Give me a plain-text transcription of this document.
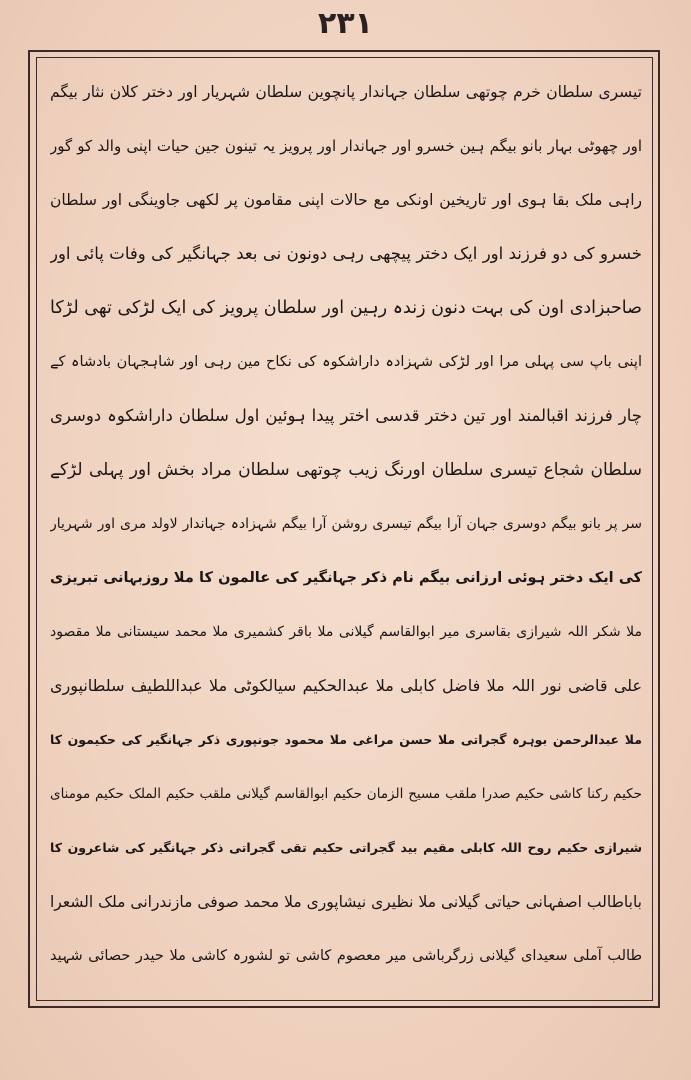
۲۳۱
تیسری سلطان خرم چوتھی سلطان جہاندار پانچوین سلطان شہریار اور دختر کلان نثار بیگم
اور چھوٹی بہار بانو بیگم ہین خسرو اور جہاندار اور پرویز یہ تینون جین حیات اپنی والد کو گور
راہی ملک بقا ہوی اور تاریخین اونکی مع حالات اپنی مقامون پر لکھی جاوینگی اور سلطان
خسرو کی دو فرزند اور ایک دختر پیچھی رہی دونون نی بعد جہانگیر کی وفات پائی اور
صاحبزادی اون کی بہت دنون زندہ رہین اور سلطان پرویز کی ایک لڑکی تھی لڑکا
اپنی باپ سی پہلی مرا اور لڑکی شہزادہ داراشکوہ کی نکاح مین رہی اور شاہجہان بادشاہ کے
چار فرزند اقبالمند اور تین دختر قدسی اختر پیدا ہوئین اول سلطان داراشکوہ دوسری
سلطان شجاع تیسری سلطان اورنگ زیب چوتھی سلطان مراد بخش اور پہلی لڑکے
سر پر بانو بیگم دوسری جہان آرا بیگم تیسری روشن آرا بیگم شہزادہ جہاندار لاولد مری اور شہریار
کی ایک دختر ہوئی ارزانی بیگم نام ذکر جہانگیر کی عالمون کا ملا روزبہانی تبریزی
ملا شکر اللہ شیرازی بقاسری میر ابوالقاسم گیلانی ملا باقر کشمیری ملا محمد سیستانی ملا مقصود
علی قاضی نور اللہ ملا فاضل کابلی ملا عبدالحکیم سیالکوٹی ملا عبداللطیف سلطانپوری
ملا عبدالرحمن بوہرہ گجراتی ملا حسن مراغی ملا محمود جونپوری ذکر جہانگیر کی حکیمون کا
حکیم رکنا کاشی حکیم صدرا ملقب مسیح الزمان حکیم ابوالقاسم گیلانی ملقب حکیم الملک حکیم مومنای
شیرازی حکیم روح اللہ کابلی مقیم بید گجراتی حکیم تقی گجراتی ذکر جہانگیر کی شاعرون کا
باباطالب اصفہانی حیاتی گیلانی ملا نظیری نیشاپوری ملا محمد صوفی مازندرانی ملک الشعرا
طالب آملی سعیدای گیلانی زرگرباشی میر معصوم کاشی تو لشورہ کاشی ملا حیدر حصائی شہید
